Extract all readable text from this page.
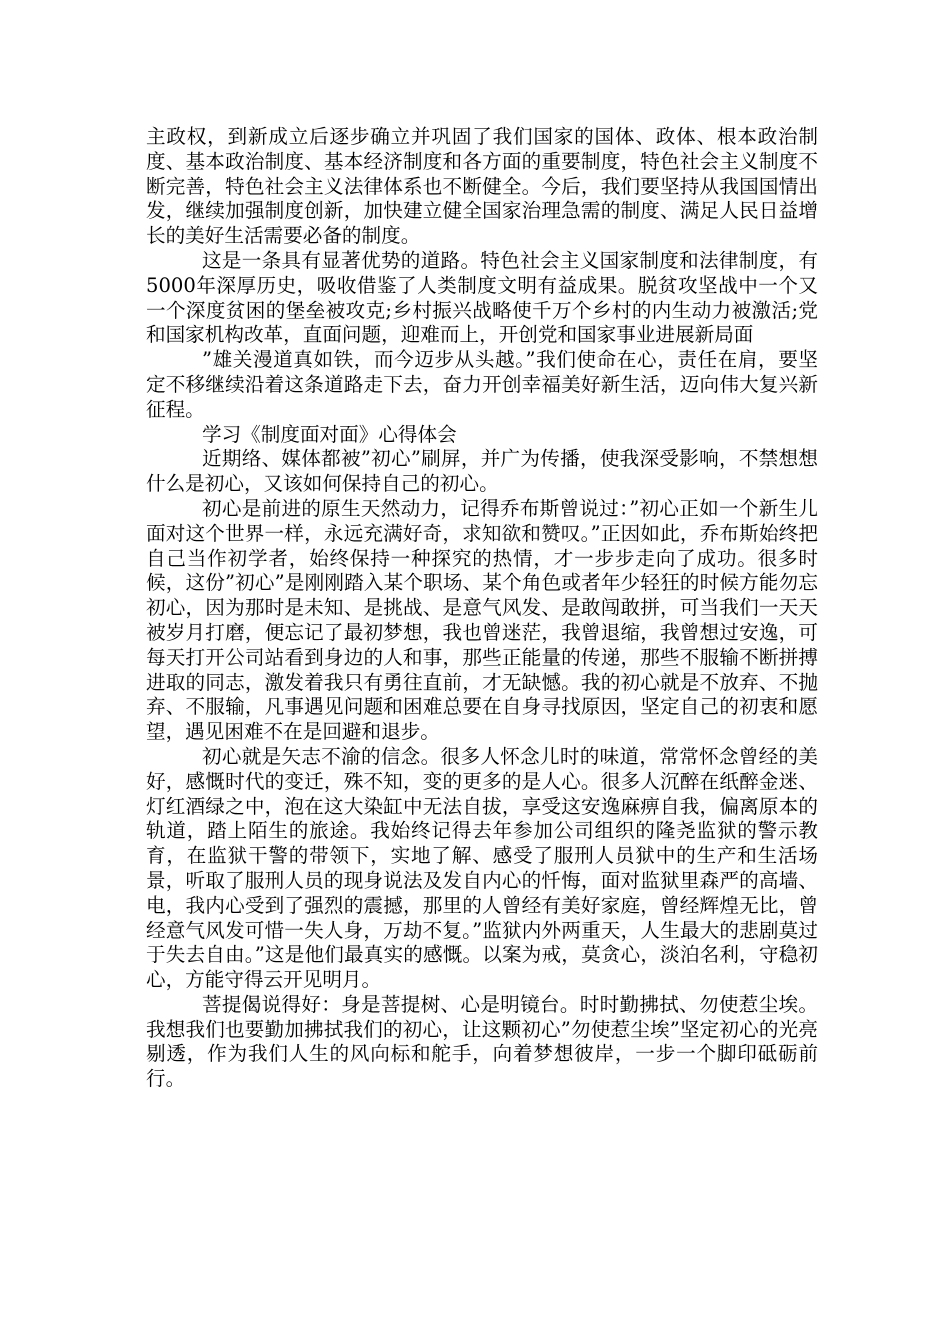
主政权，到新成立后逐步确立并巩固了我们国家的国体、政体、根本政治制度、基本政治制度、基本经济制度和各方面的重要制度，特色社会主义制度不断完善，特色社会主义法律体系也不断健全。今后，我们要坚持从我国国情出发，继续加强制度创新，加快建立健全国家治理急需的制度、满足人民日益增长的美好生活需要必备的制度。

这是一条具有显著优势的道路。特色社会主义国家制度和法律制度，有5000年深厚历史，吸收借鉴了人类制度文明有益成果。脱贫攻坚战中一个又一个深度贫困的堡垒被攻克;乡村振兴战略使千万个乡村的内生动力被激活;党和国家机构改革，直面问题，迎难而上，开创党和国家事业进展新局面

”雄关漫道真如铁，而今迈步从头越。”我们使命在心，责任在肩，要坚定不移继续沿着这条道路走下去，奋力开创幸福美好新生活，迈向伟大复兴新征程。

学习《制度面对面》心得体会

近期络、媒体都被”初心”刷屏，并广为传播，使我深受影响，不禁想想什么是初心，又该如何保持自己的初心。

初心是前进的原生天然动力，记得乔布斯曾说过：”初心正如一个新生儿面对这个世界一样，永远充满好奇，求知欲和赞叹。”正因如此，乔布斯始终把自己当作初学者，始终保持一种探究的热情，才一步步走向了成功。很多时候，这份”初心”是刚刚踏入某个职场、某个角色或者年少轻狂的时候方能勿忘初心，因为那时是未知、是挑战、是意气风发、是敢闯敢拼，可当我们一天天被岁月打磨，便忘记了最初梦想，我也曾迷茫，我曾退缩，我曾想过安逸，可每天打开公司站看到身边的人和事，那些正能量的传递，那些不服输不断拼搏进取的同志，激发着我只有勇往直前，才无缺憾。我的初心就是不放弃、不抛弃、不服输，凡事遇见问题和困难总要在自身寻找原因，坚定自己的初衷和愿望，遇见困难不在是回避和退步。

初心就是矢志不渝的信念。很多人怀念儿时的味道，常常怀念曾经的美好，感慨时代的变迁，殊不知，变的更多的是人心。很多人沉醉在纸醉金迷、灯红酒绿之中，泡在这大染缸中无法自拔，享受这安逸麻痹自我，偏离原本的轨道，踏上陌生的旅途。我始终记得去年参加公司组织的隆尧监狱的警示教育，在监狱干警的带领下，实地了解、感受了服刑人员狱中的生产和生活场景，听取了服刑人员的现身说法及发自内心的忏悔，面对监狱里森严的高墙、电，我内心受到了强烈的震撼，那里的人曾经有美好家庭，曾经辉煌无比，曾经意气风发可惜一失人身，万劫不复。”监狱内外两重天，人生最大的悲剧莫过于失去自由。”这是他们最真实的感慨。以案为戒，莫贪心，淡泊名利，守稳初心，方能守得云开见明月。

菩提偈说得好：身是菩提树、心是明镜台。时时勤拂拭、勿使惹尘埃。我想我们也要勤加拂拭我们的初心，让这颗初心”勿使惹尘埃”坚定初心的光亮剔透，作为我们人生的风向标和舵手，向着梦想彼岸，一步一个脚印砥砺前行。
